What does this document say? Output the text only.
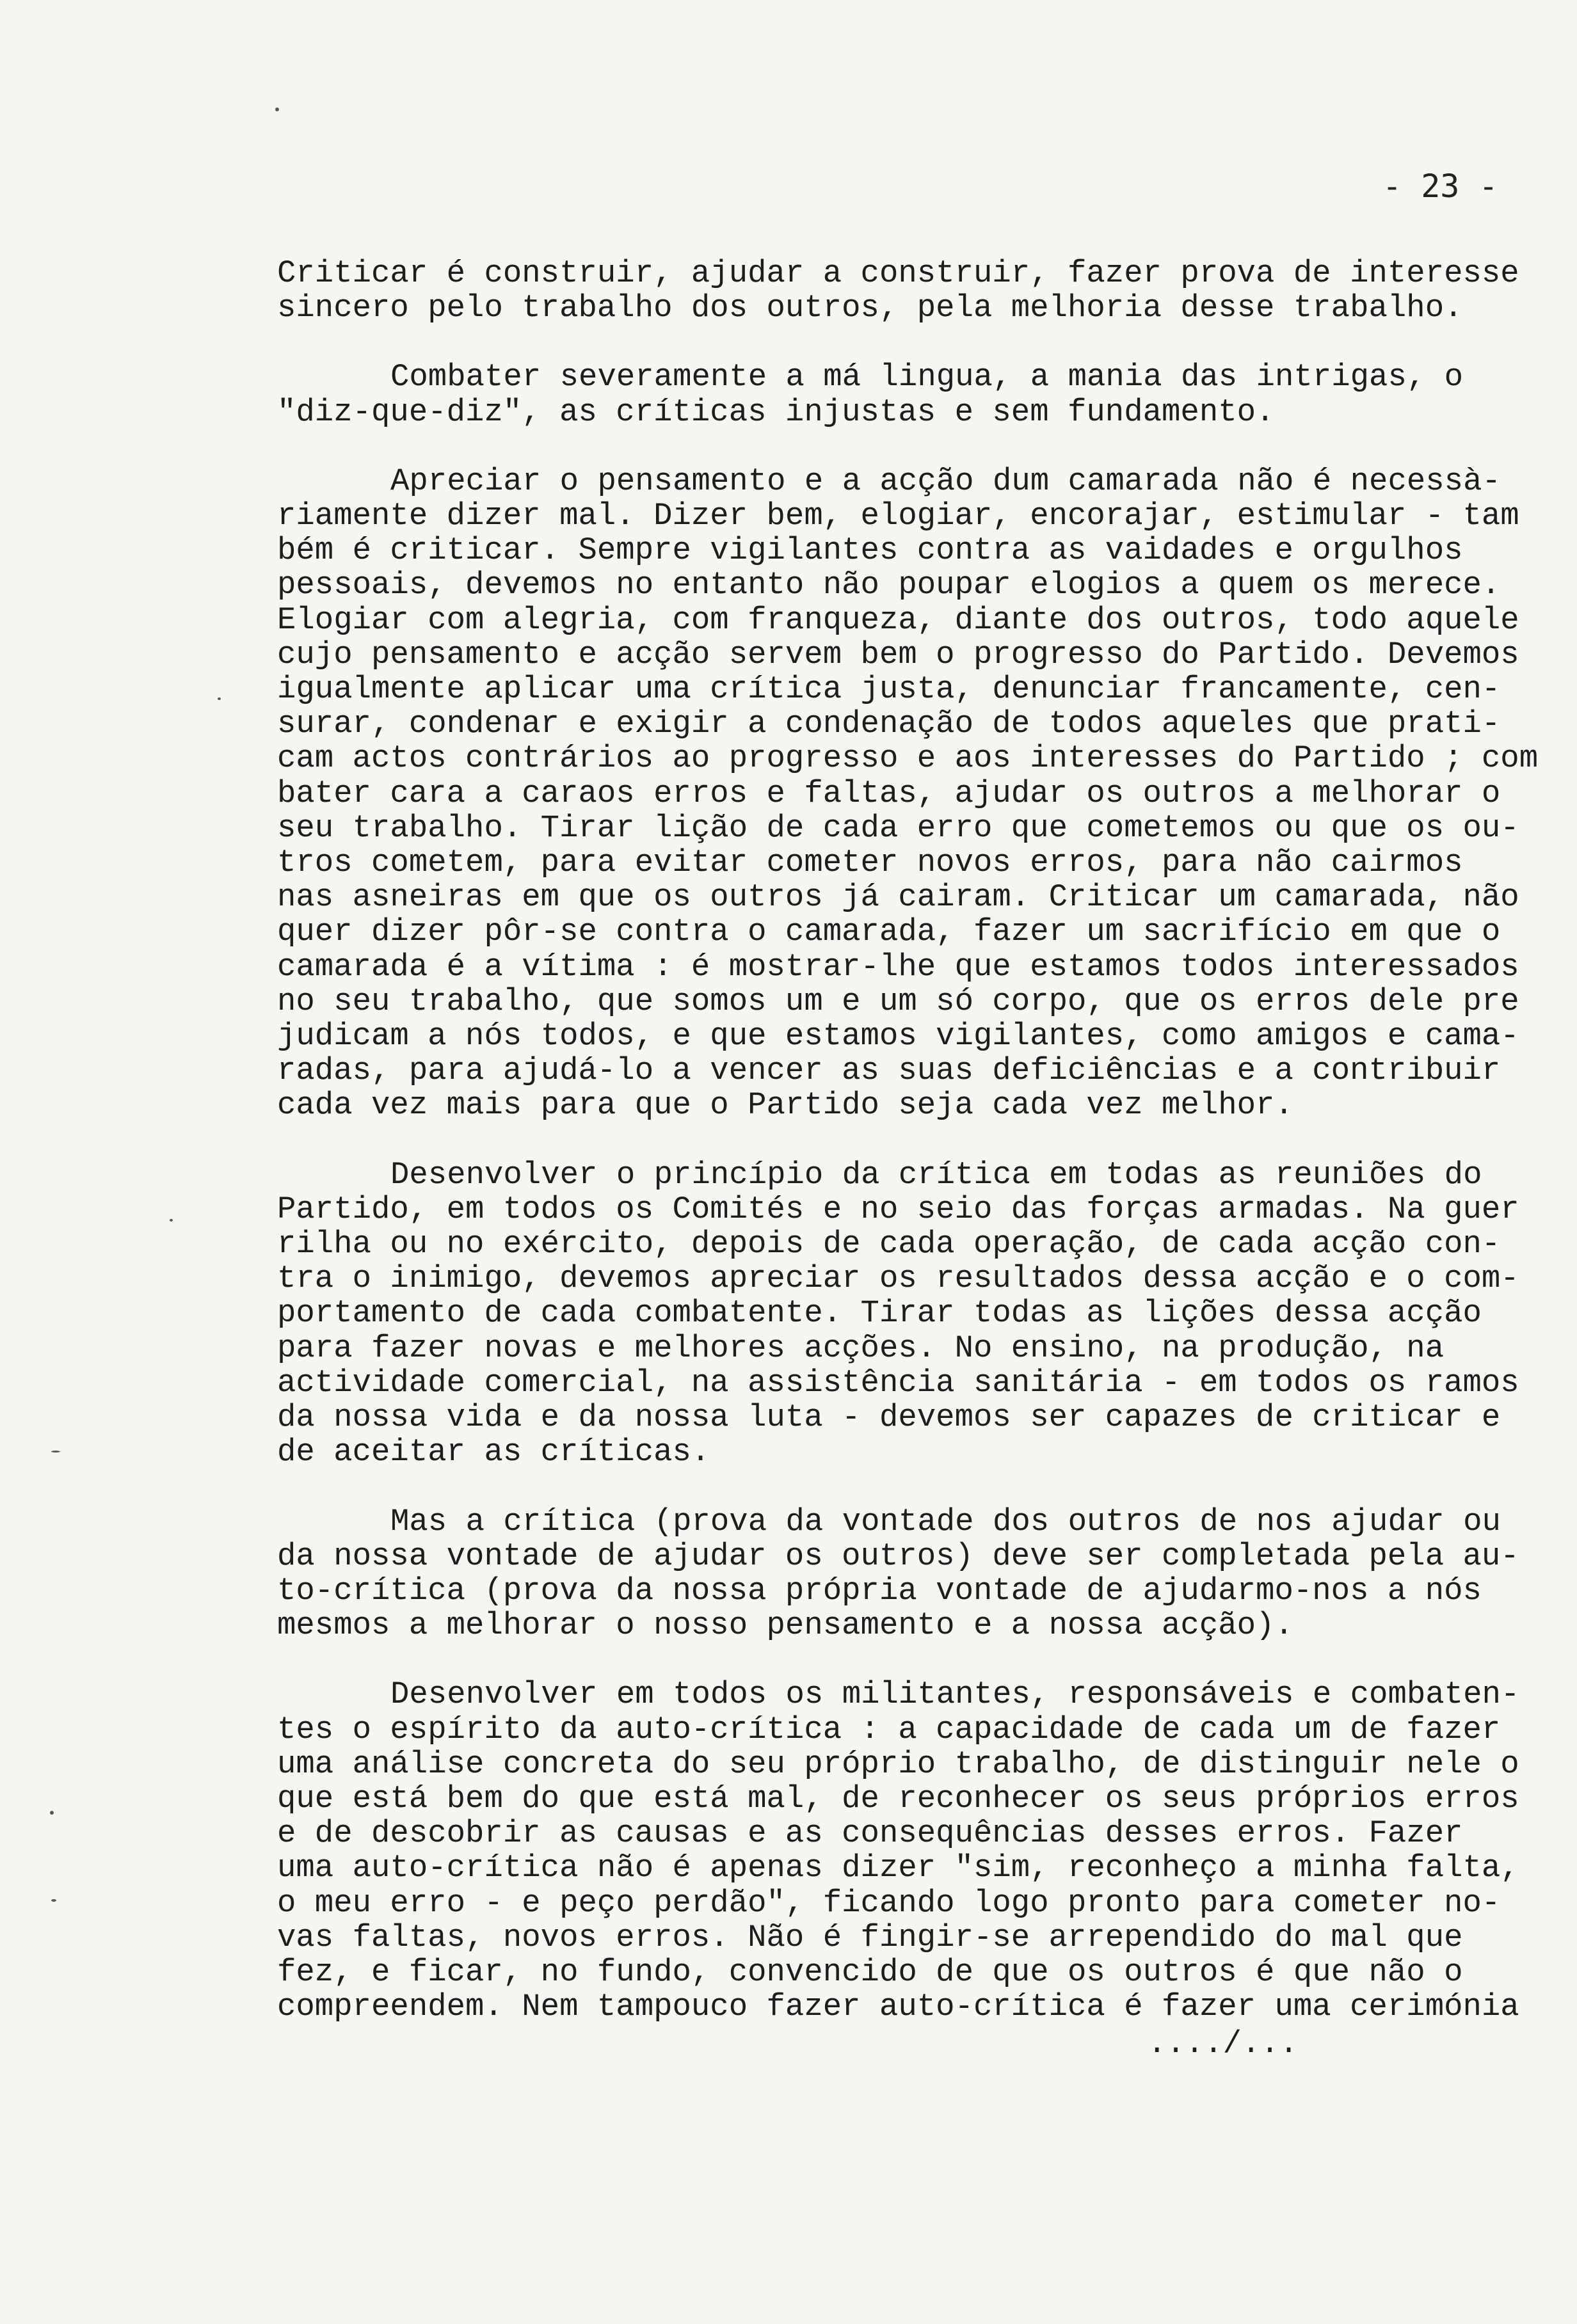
- 23 -
Criticar é construir, ajudar a construir, fazer prova de interesse
sincero pelo trabalho dos outros, pela melhoria desse trabalho.
Combater severamente a má lingua, a mania das intrigas, o
"diz-que-diz", as críticas injustas e sem fundamento.
Apreciar o pensamento e a acção dum camarada não é necessà-
riamente dizer mal. Dizer bem, elogiar, encorajar, estimular - tam
bém é criticar. Sempre vigilantes contra as vaidades e orgulhos
pessoais, devemos no entanto não poupar elogios a quem os merece.
Elogiar com alegria, com franqueza, diante dos outros, todo aquele
cujo pensamento e acção servem bem o progresso do Partido. Devemos
igualmente aplicar uma crítica justa, denunciar francamente, cen-
surar, condenar e exigir a condenação de todos aqueles que prati-
cam actos contrários ao progresso e aos interesses do Partido ; com
bater cara a caraos erros e faltas, ajudar os outros a melhorar o
seu trabalho. Tirar lição de cada erro que cometemos ou que os ou-
tros cometem, para evitar cometer novos erros, para não cairmos
nas asneiras em que os outros já cairam. Criticar um camarada, não
quer dizer pôr-se contra o camarada, fazer um sacrifício em que o
camarada é a vítima : é mostrar-lhe que estamos todos interessados
no seu trabalho, que somos um e um só corpo, que os erros dele pre
judicam a nós todos, e que estamos vigilantes, como amigos e cama-
radas, para ajudá-lo a vencer as suas deficiências e a contribuir
cada vez mais para que o Partido seja cada vez melhor.
Desenvolver o princípio da crítica em todas as reuniões do
Partido, em todos os Comités e no seio das forças armadas. Na guer
rilha ou no exército, depois de cada operação, de cada acção con-
tra o inimigo, devemos apreciar os resultados dessa acção e o com-
portamento de cada combatente. Tirar todas as lições dessa acção
para fazer novas e melhores acções. No ensino, na produção, na
actividade comercial, na assistência sanitária - em todos os ramos
da nossa vida e da nossa luta - devemos ser capazes de criticar e
de aceitar as críticas.
Mas a crítica (prova da vontade dos outros de nos ajudar ou
da nossa vontade de ajudar os outros) deve ser completada pela au-
to-crítica (prova da nossa própria vontade de ajudarmo-nos a nós
mesmos a melhorar o nosso pensamento e a nossa acção).
Desenvolver em todos os militantes, responsáveis e combaten-
tes o espírito da auto-crítica : a capacidade de cada um de fazer
uma análise concreta do seu próprio trabalho, de distinguir nele o
que está bem do que está mal, de reconhecer os seus próprios erros
e de descobrir as causas e as consequências desses erros. Fazer
uma auto-crítica não é apenas dizer "sim, reconheço a minha falta,
o meu erro - e peço perdão", ficando logo pronto para cometer no-
vas faltas, novos erros. Não é fingir-se arrependido do mal que
fez, e ficar, no fundo, convencido de que os outros é que não o
compreendem. Nem tampouco fazer auto-crítica é fazer uma cerimónia
..../...
